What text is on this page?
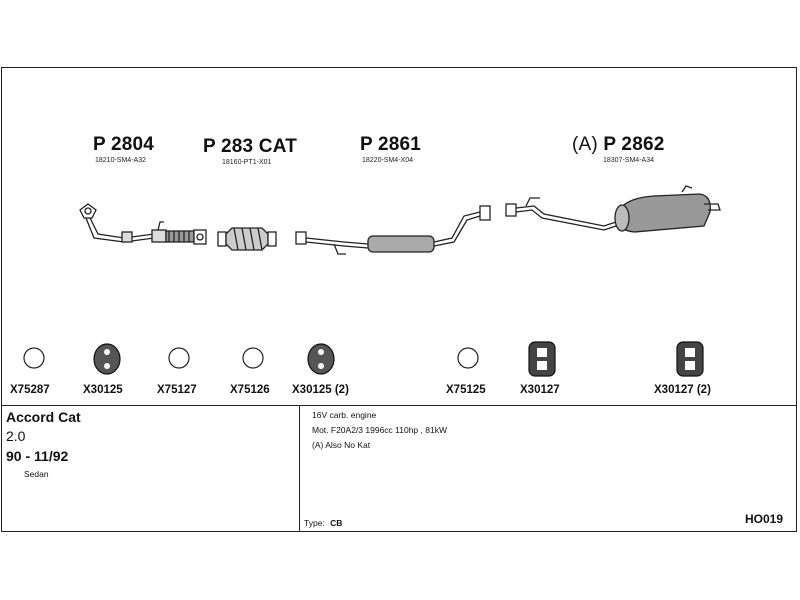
P 2804
18210-SM4-A32
P 283 CAT
18160-PT1-X01
P 2861
18220-SM4-X04
(A) P 2862
18307-SM4-A34
X75287	X30125	X75127	X75126 X30125 (2)	X75125	X30127	X30127 (2)
Accord Cat
2.0
90 - 11/92
Sedan
16V carb. engine
Mot. F20A2/3 1996cc 110hp , 81kW
(A) Also No Kat
Type: CB	HO019
